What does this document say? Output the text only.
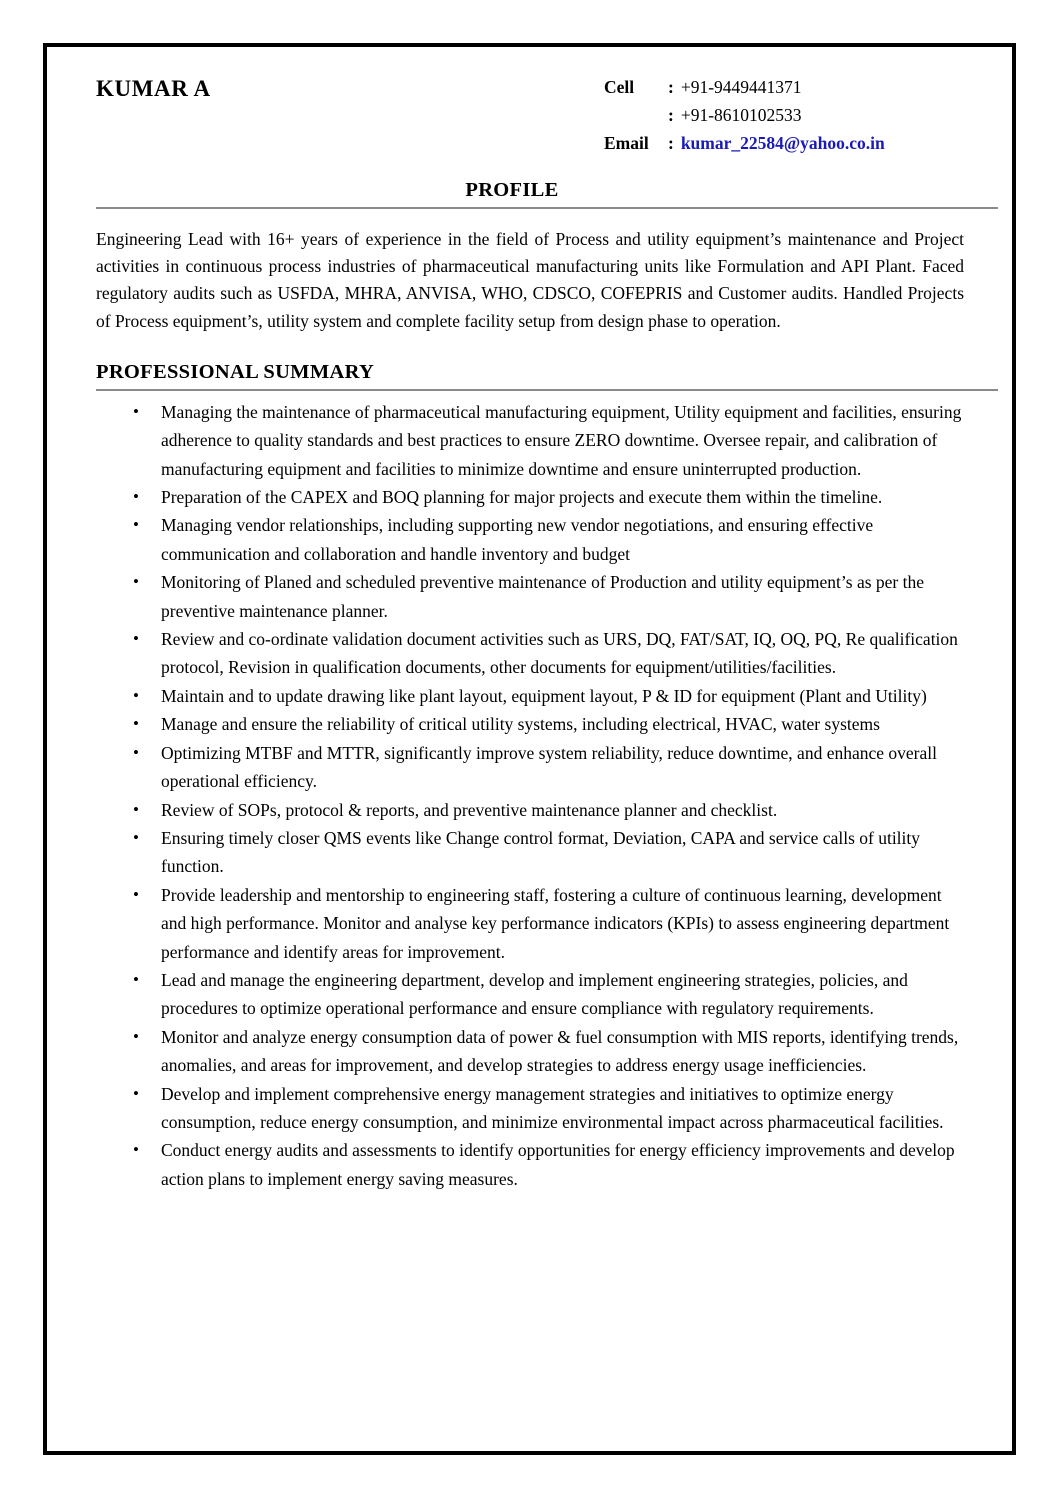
KUMAR A	Cell	: +91-9449441371
: +91-8610102533
Email	: kumar_22584@yahoo.co.in
PROFILE

Engineering Lead with 16+ years of experience in the field of Process and utility equipment’s maintenance and Project activities in continuous process industries of pharmaceutical manufacturing units like Formulation and API Plant. Faced regulatory audits such as USFDA, MHRA, ANVISA, WHO, CDSCO, COFEPRIS and Customer audits. Handled Projects of Process equipment’s, utility system and complete facility setup from design phase to operation.

PROFESSIONAL SUMMARY
• Managing the maintenance of pharmaceutical manufacturing equipment, Utility equipment and facilities, ensuring adherence to quality standards and best practices to ensure ZERO downtime. Oversee repair, and calibration of manufacturing equipment and facilities to minimize downtime and ensure uninterrupted production.
• Preparation of the CAPEX and BOQ planning for major projects and execute them within the timeline.
• Managing vendor relationships, including supporting new vendor negotiations, and ensuring effective communication and collaboration and handle inventory and budget
• Monitoring of Planed and scheduled preventive maintenance of Production and utility equipment’s as per the preventive maintenance planner.
• Review and co-ordinate validation document activities such as URS, DQ, FAT/SAT, IQ, OQ, PQ, Re qualification protocol, Revision in qualification documents, other documents for equipment/utilities/facilities.
• Maintain and to update drawing like plant layout, equipment layout, P & ID for equipment (Plant and Utility)
• Manage and ensure the reliability of critical utility systems, including electrical, HVAC, water systems
• Optimizing MTBF and MTTR, significantly improve system reliability, reduce downtime, and enhance overall operational efficiency.
• Review of SOPs, protocol & reports, and preventive maintenance planner and checklist.
• Ensuring timely closer QMS events like Change control format, Deviation, CAPA and service calls of utility function.
• Provide leadership and mentorship to engineering staff, fostering a culture of continuous learning, development and high performance. Monitor and analyse key performance indicators (KPIs) to assess engineering department performance and identify areas for improvement.
• Lead and manage the engineering department, develop and implement engineering strategies, policies, and procedures to optimize operational performance and ensure compliance with regulatory requirements.
• Monitor and analyze energy consumption data of power & fuel consumption with MIS reports, identifying trends, anomalies, and areas for improvement, and develop strategies to address energy usage inefficiencies.
• Develop and implement comprehensive energy management strategies and initiatives to optimize energy consumption, reduce energy consumption, and minimize environmental impact across pharmaceutical facilities.
• Conduct energy audits and assessments to identify opportunities for energy efficiency improvements and develop action plans to implement energy saving measures.
